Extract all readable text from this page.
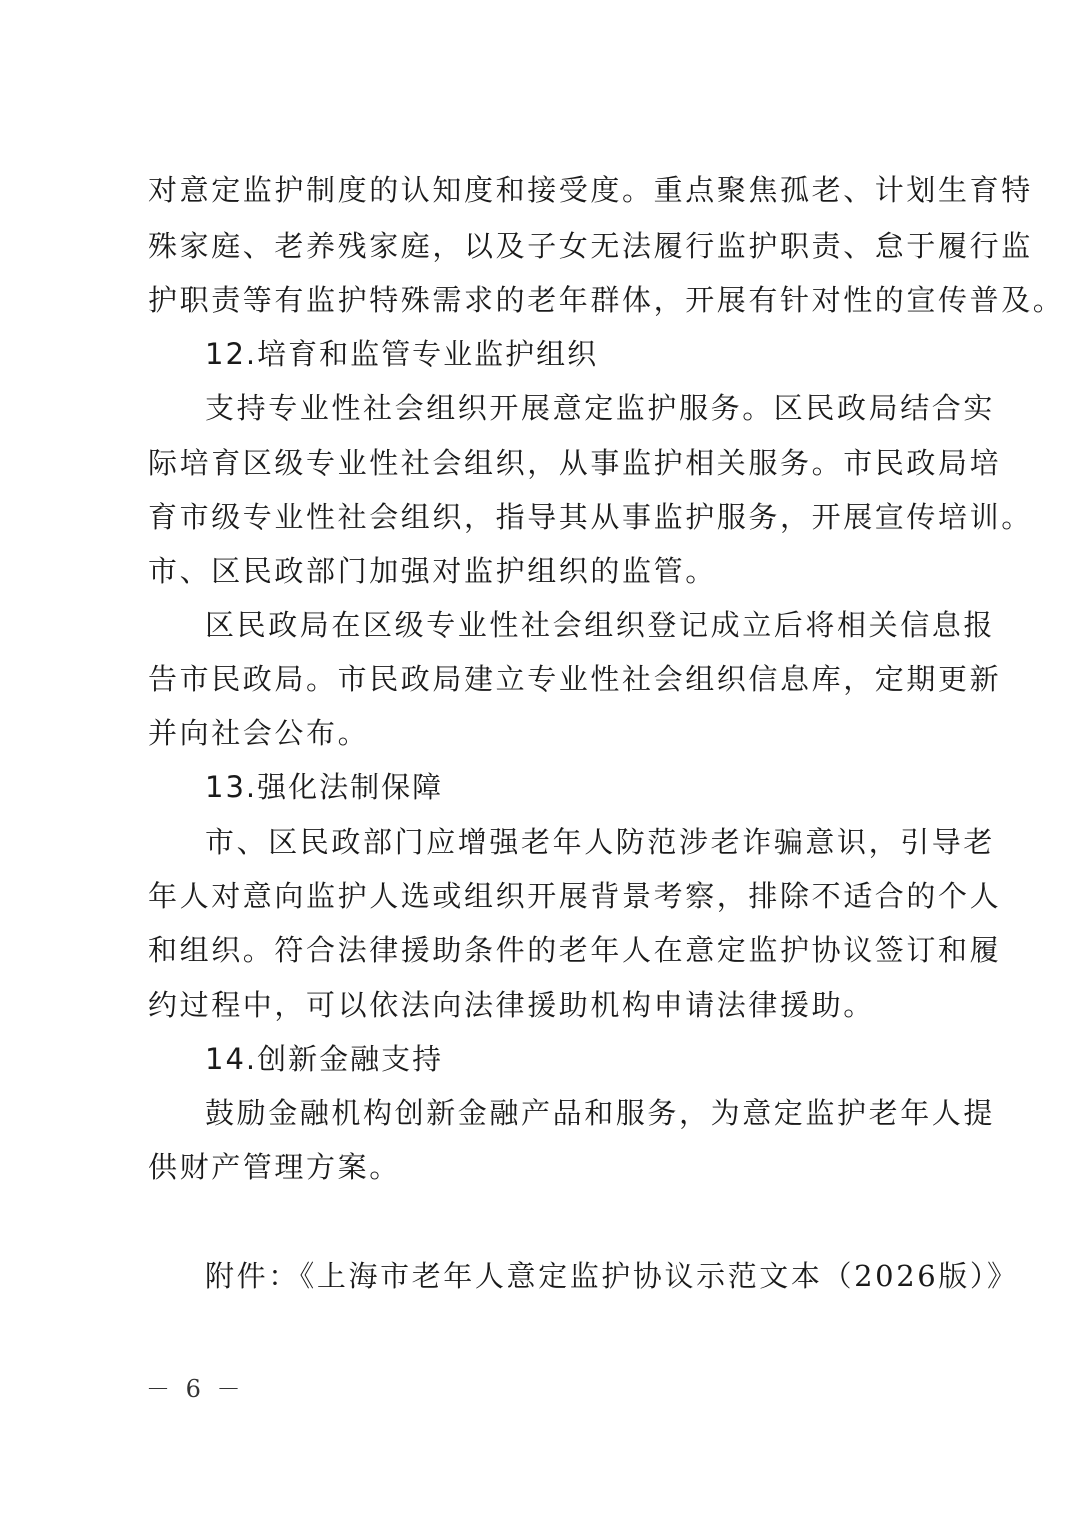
对意定监护制度的认知度和接受度。重点聚焦孤老、计划生育特
殊家庭、老养残家庭，以及子女无法履行监护职责、怠于履行监
护职责等有监护特殊需求的老年群体，开展有针对性的宣传普及。
12.培育和监管专业监护组织
支持专业性社会组织开展意定监护服务。区民政局结合实
际培育区级专业性社会组织，从事监护相关服务。市民政局培
育市级专业性社会组织，指导其从事监护服务，开展宣传培训。
市、区民政部门加强对监护组织的监管。
区民政局在区级专业性社会组织登记成立后将相关信息报
告市民政局。市民政局建立专业性社会组织信息库，定期更新
并向社会公布。
13.强化法制保障
市、区民政部门应增强老年人防范涉老诈骗意识，引导老
年人对意向监护人选或组织开展背景考察，排除不适合的个人
和组织。符合法律援助条件的老年人在意定监护协议签订和履
约过程中，可以依法向法律援助机构申请法律援助。
14.创新金融支持
鼓励金融机构创新金融产品和服务，为意定监护老年人提
供财产管理方案。
附件：《上海市老年人意定监护协议示范文本（2026版）》
－ 6 －
